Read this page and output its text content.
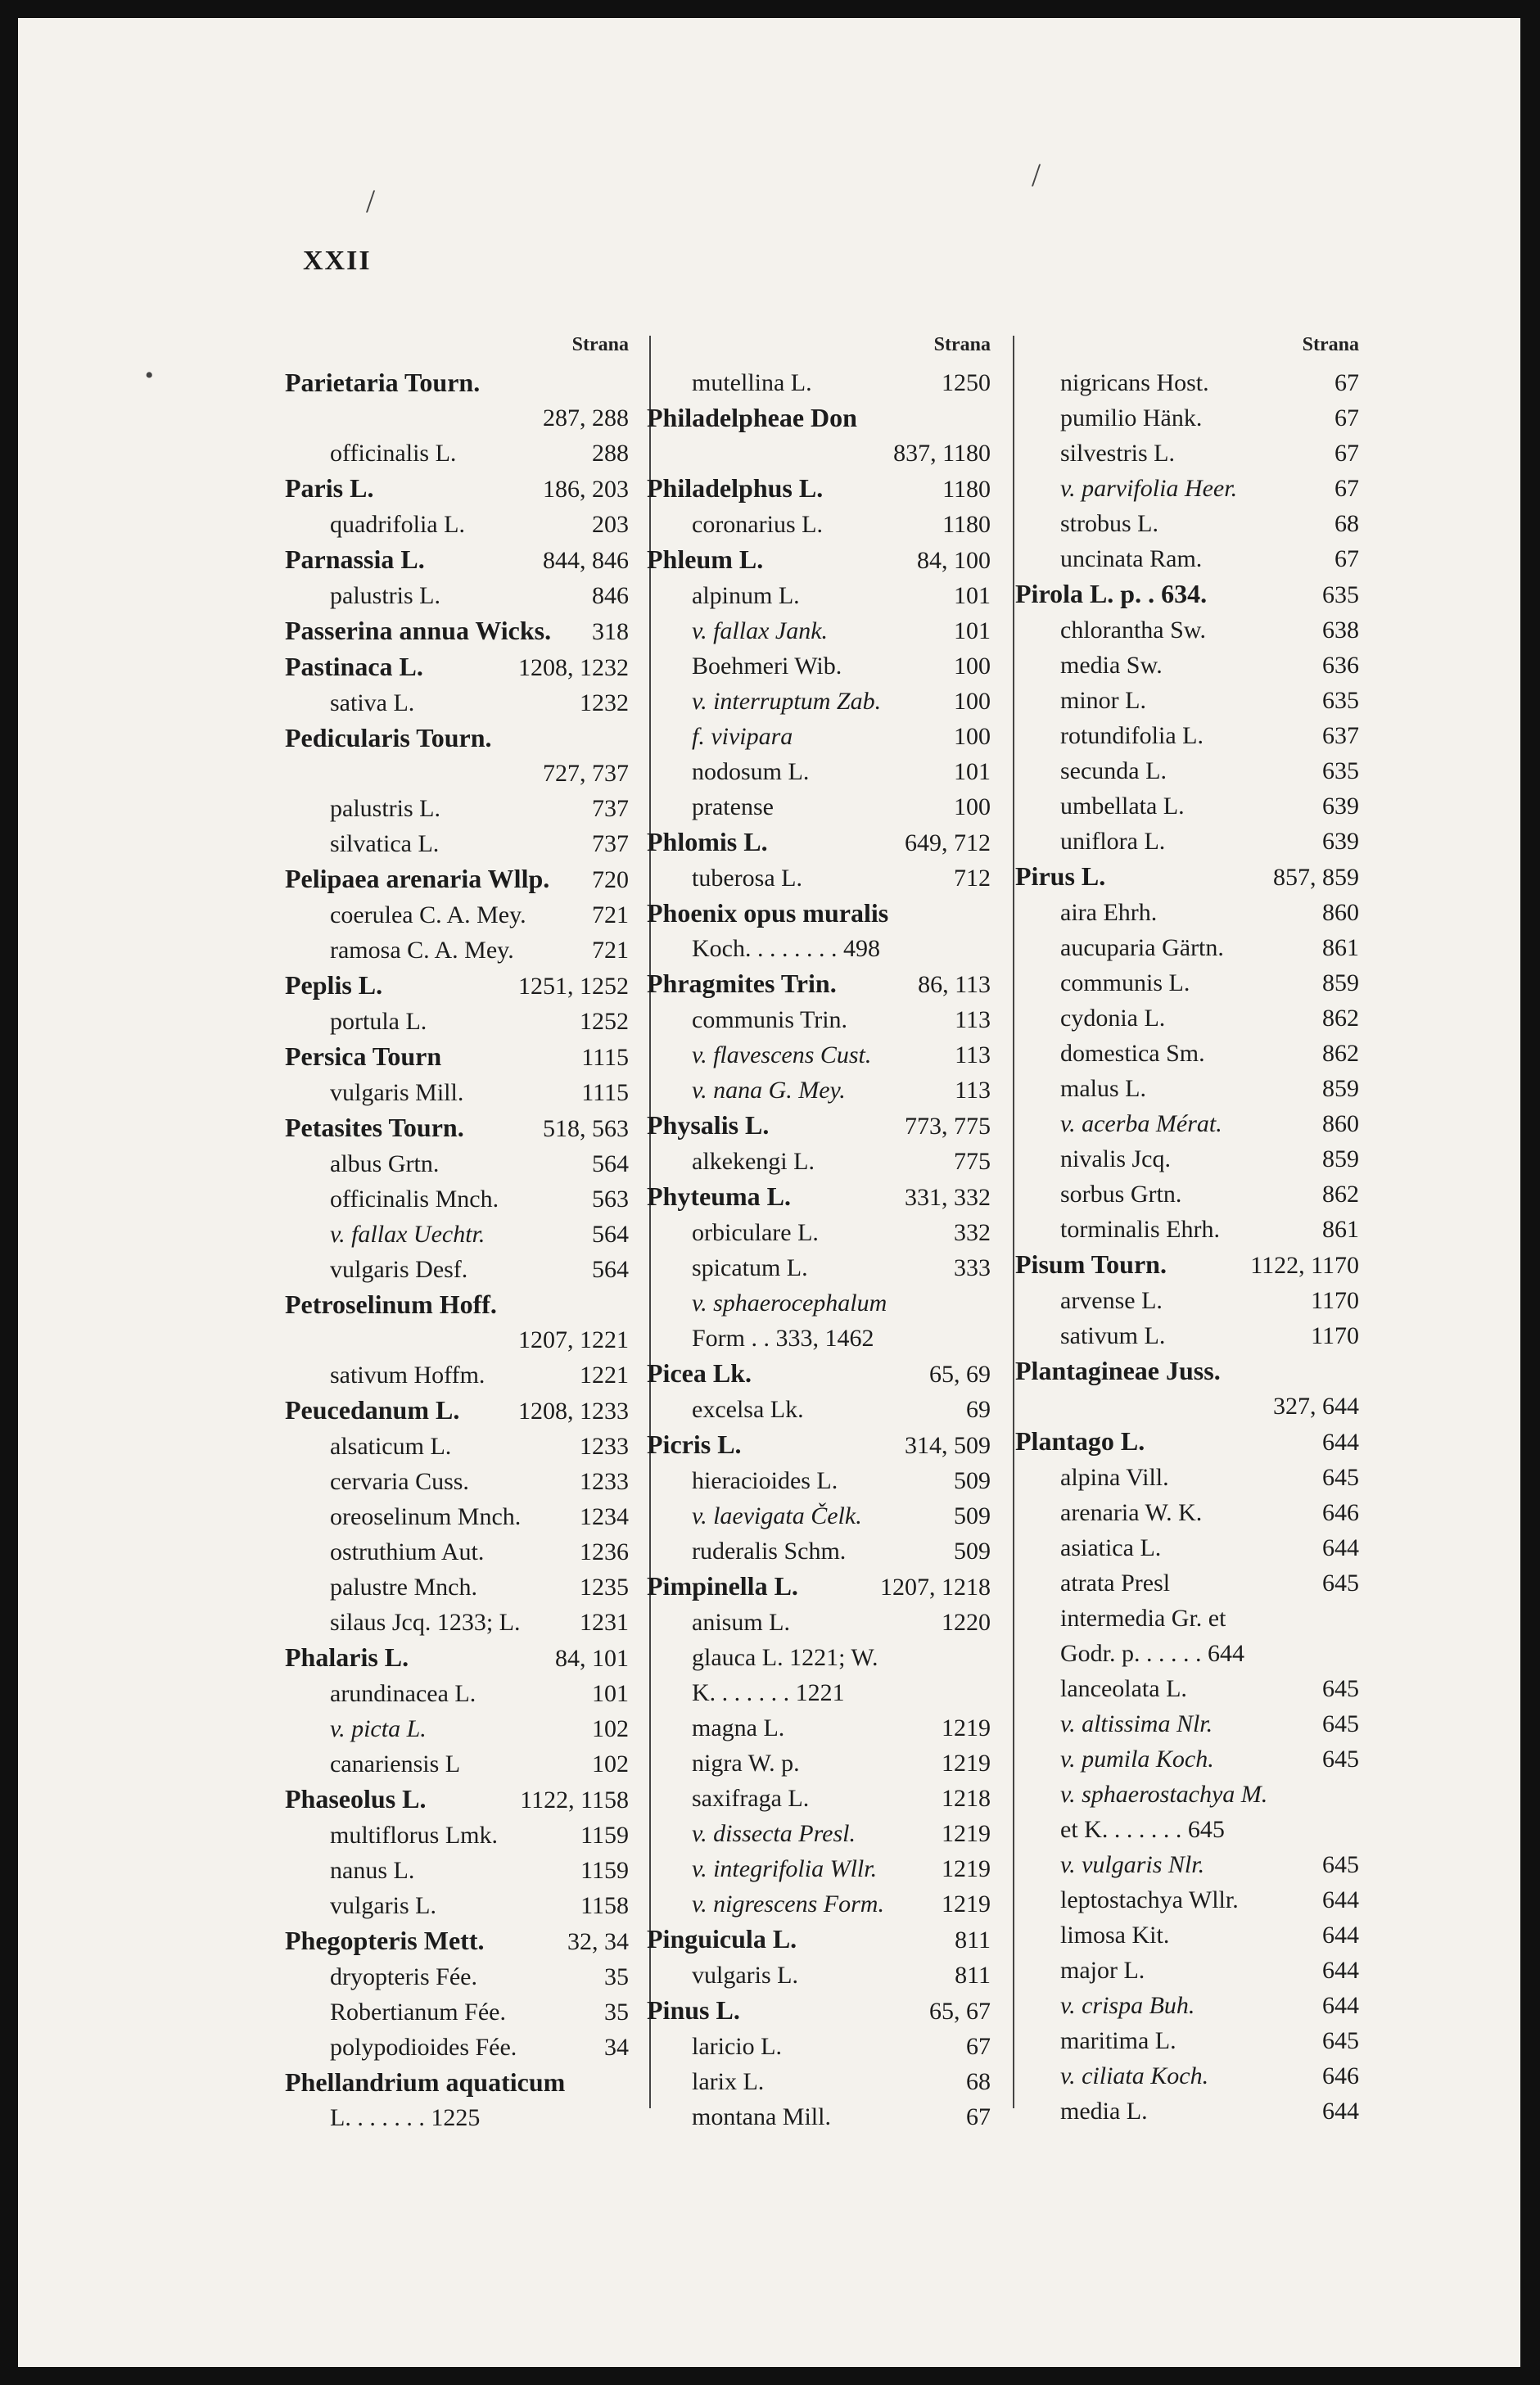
/
/
•
XXII
Strana
Parietaria Tourn.
287, 288
officinalis L.	288
Paris L.	186, 203
quadrifolia L.	203
Parnassia L.	844, 846
palustris L.	846
Passerina annua Wicks. 318
Pastinaca L.	1208, 1232
sativa L.	1232
Pedicularis Tourn.
727, 737
palustris L.	737
silvatica L.	737
Pelipaea arenaria Wllp. 720
coerulea C. A. Mey.	721
ramosa C. A. Mey.	721
Peplis L.	1251, 1252
portula L.	1252
Persica Tourn	1115
vulgaris Mill.	1115
Petasites Tourn.	518, 563
albus Grtn.	564
officinalis Mnch.	563
v. fallax Uechtr.	564
vulgaris Desf.	564
Petroselinum Hoff.
1207, 1221
sativum Hoffm.	1221
Peucedanum L. 1208, 1233
alsaticum L.	1233
cervaria Cuss.	1233
oreoselinum Mnch. 1234
ostruthium Aut.	1236
palustre Mnch.	1235
silaus Jcq. 1233; L. 1231
Phalaris L.	84, 101
arundinacea L.	101
v. picta L.	102
canariensis L	102
Phaseolus L.	1122, 1158
multiflorus Lmk.	1159
nanus L.	1159
vulgaris L.	1158
Phegopteris Mett.	32, 34
dryopteris Fée.	35
Robertianum Fée.	35
polypodioides Fée.	34
Phellandrium aquaticum
L. . . . . . . 1225
Strana
mutellina L.	1250
Philadelpheae Don
837, 1180
Philadelphus L.	1180
coronarius L.	1180
Phleum L.	84, 100
alpinum L.	101
v. fallax Jank.	101
Boehmeri Wib.	100
v. interruptum Zab.	100
f. vivipara	100
nodosum L.	101
pratense	100
Phlomis L.	649, 712
tuberosa L.	712
Phoenix opus muralis
Koch. . . . . . . . 498
Phragmites Trin.	86, 113
communis Trin.	113
v. flavescens Cust.	113
v. nana G. Mey.	113
Physalis L.	773, 775
alkekengi L.	775
Phyteuma L.	331, 332
orbiculare L.	332
spicatum L.	333
v. sphaerocephalum
Form . . 333, 1462
Picea Lk.	65, 69
excelsa Lk.	69
Picris L.	314, 509
hieracioides L.	509
v. laevigata Čelk.	509
ruderalis Schm.	509
Pimpinella L.	1207, 1218
anisum L.	1220
glauca L. 1221; W.
K. . . . . . . 1221
magna L.	1219
nigra W. p.	1219
saxifraga L.	1218
v. dissecta Presl.	1219
v. integrifolia Wllr.	1219
v. nigrescens Form. 1219
Pinguicula L.	811
vulgaris L.	811
Pinus L.	65, 67
laricio L.	67
larix L.	68
montana Mill.	67
Strana
nigricans Host.	67
pumilio Hänk.	67
silvestris L.	67
v. parvifolia Heer.	67
strobus L.	68
uncinata Ram.	67
Pirola L. p. . 634.	635
chlorantha Sw.	638
media Sw.	636
minor L.	635
rotundifolia L.	637
secunda L.	635
umbellata L.	639
uniflora L.	639
Pirus L.	857, 859
aira Ehrh.	860
aucuparia Gärtn.	861
communis L.	859
cydonia L.	862
domestica Sm.	862
malus L.	859
v. acerba Mérat.	860
nivalis Jcq.	859
sorbus Grtn.	862
torminalis Ehrh.	861
Pisum Tourn.	1122, 1170
arvense L.	1170
sativum L.	1170
Plantagineae Juss.
327, 644
Plantago L.	644
alpina Vill.	645
arenaria W. K.	646
asiatica L.	644
atrata Presl	645
intermedia Gr. et
Godr. p. . . . . . 644
lanceolata L.	645
v. altissima Nlr.	645
v. pumila Koch.	645
v. sphaerostachya M.
et K. . . . . . . 645
v. vulgaris Nlr.	645
leptostachya Wllr.	644
limosa Kit.	644
major L.	644
v. crispa Buh.	644
maritima L.	645
v. ciliata Koch.	646
media L.	644
